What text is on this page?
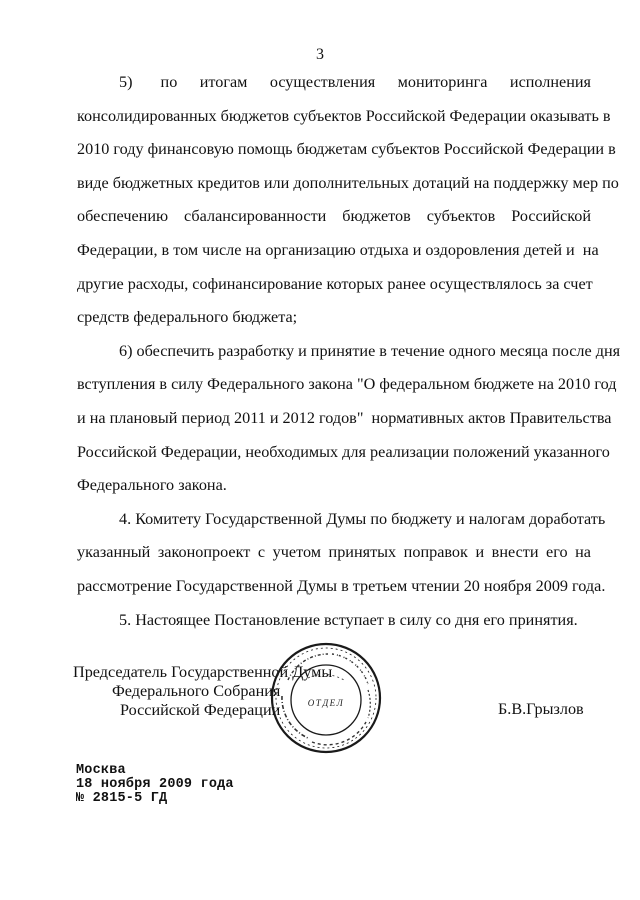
3

5)     по    итогам    осуществления    мониторинга    исполнения
консолидированных бюджетов субъектов Российской Федерации оказывать в
2010 году финансовую помощь бюджетам субъектов Российской Федерации в
виде бюджетных кредитов или дополнительных дотаций на поддержку мер по
обеспечению   сбалансированности   бюджетов   субъектов   Российской
Федерации, в том числе на организацию отдыха и оздоровления детей и  на
другие расходы, софинансирование которых ранее осуществлялось за счет
средств федерального бюджета;

6) обеспечить разработку и принятие в течение одного месяца после дня
вступления в силу Федерального закона "О федеральном бюджете на 2010 год
и на плановый период 2011 и 2012 годов"  нормативных актов Правительства
Российской Федерации, необходимых для реализации положений указанного
Федерального закона.

4. Комитету Государственной Думы по бюджету и налогам доработать
указанный законопроект с учетом принятых поправок и внести его на
рассмотрение Государственной Думы в третьем чтении 20 ноября 2009 года.

5. Настоящее Постановление вступает в силу со дня его принятия.

Председатель Государственной Думы
Федерального Собрания
Российской Федерации	ОТДЕЛ	Б.В.Грызлов
Москва
18 ноября 2009 года
№ 2815-5 ГД
